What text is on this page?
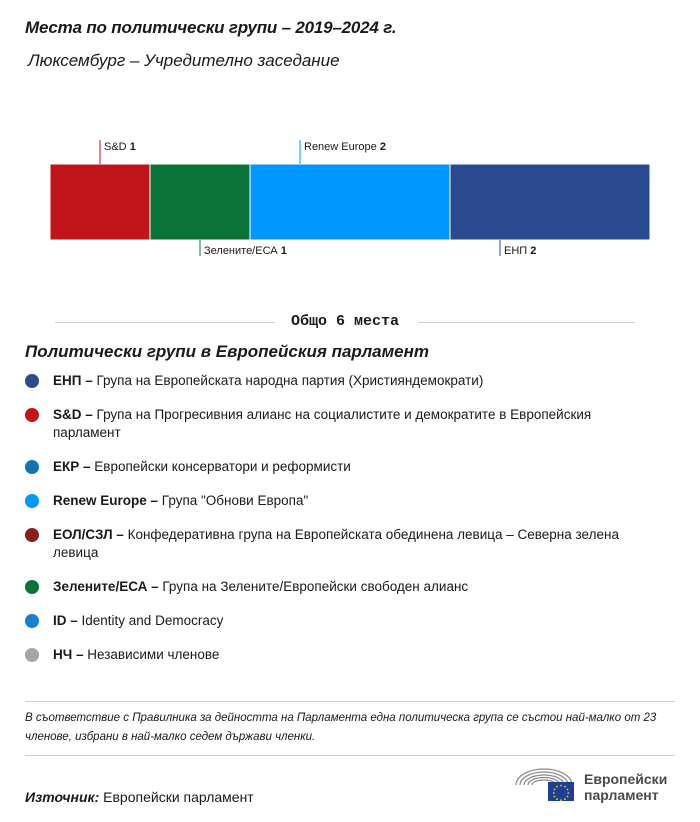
Места по политически групи – 2019–2024 г.
Люксембург – Учредително заседание
S&D 1
Зелените/ЕСА 1
Renew Europe 2
ЕНП 2
Общо 6 места
Политически групи в Европейския парламент
ЕНП – Група на Европейската народна партия (Християндемократи)
S&D – Група на Прогресивния алианс на социалистите и демократите в Европейския парламент
ЕКР – Европейски консерватори и реформисти
Renew Europe – Група "Обнови Европа"
ЕОЛ/СЗЛ – Конфедеративна група на Европейската обединена левица – Северна зелена левица
Зелените/ЕСА – Група на Зелените/Европейски свободен алианс
ID – Identity and Democracy
НЧ – Независими членове
В съответствие с Правилника за дейността на Парламента една политическа група се състои най-малко от 23 членове, избрани в най-малко седем държави членки.
Източник: Европейски парламент
Европейски
парламент
